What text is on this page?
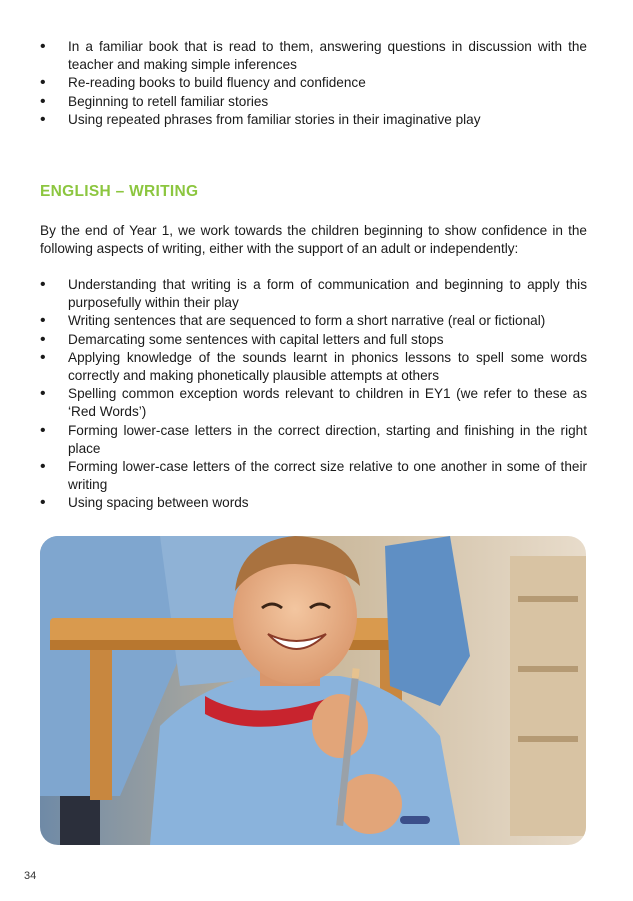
• In a familiar book that is read to them, answering questions in discussion with the teacher and making simple inferences
• Re-reading books to build fluency and confidence
• Beginning to retell familiar stories
• Using repeated phrases from familiar stories in their imaginative play
ENGLISH – WRITING

By the end of Year 1, we work towards the children beginning to show confidence in the following aspects of writing, either with the support of an adult or independently:

• Understanding that writing is a form of communication and beginning to apply this purposefully within their play
• Writing sentences that are sequenced to form a short narrative (real or fictional)
• Demarcating some sentences with capital letters and full stops
• Applying knowledge of the sounds learnt in phonics lessons to spell some words correctly and making phonetically plausible attempts at others
• Spelling common exception words relevant to children in EY1 (we refer to these as ‘Red Words’)
• Forming lower-case letters in the correct direction, starting and finishing in the right place
• Forming lower-case letters of the correct size relative to one another in some of their writing
• Using spacing between words
34
